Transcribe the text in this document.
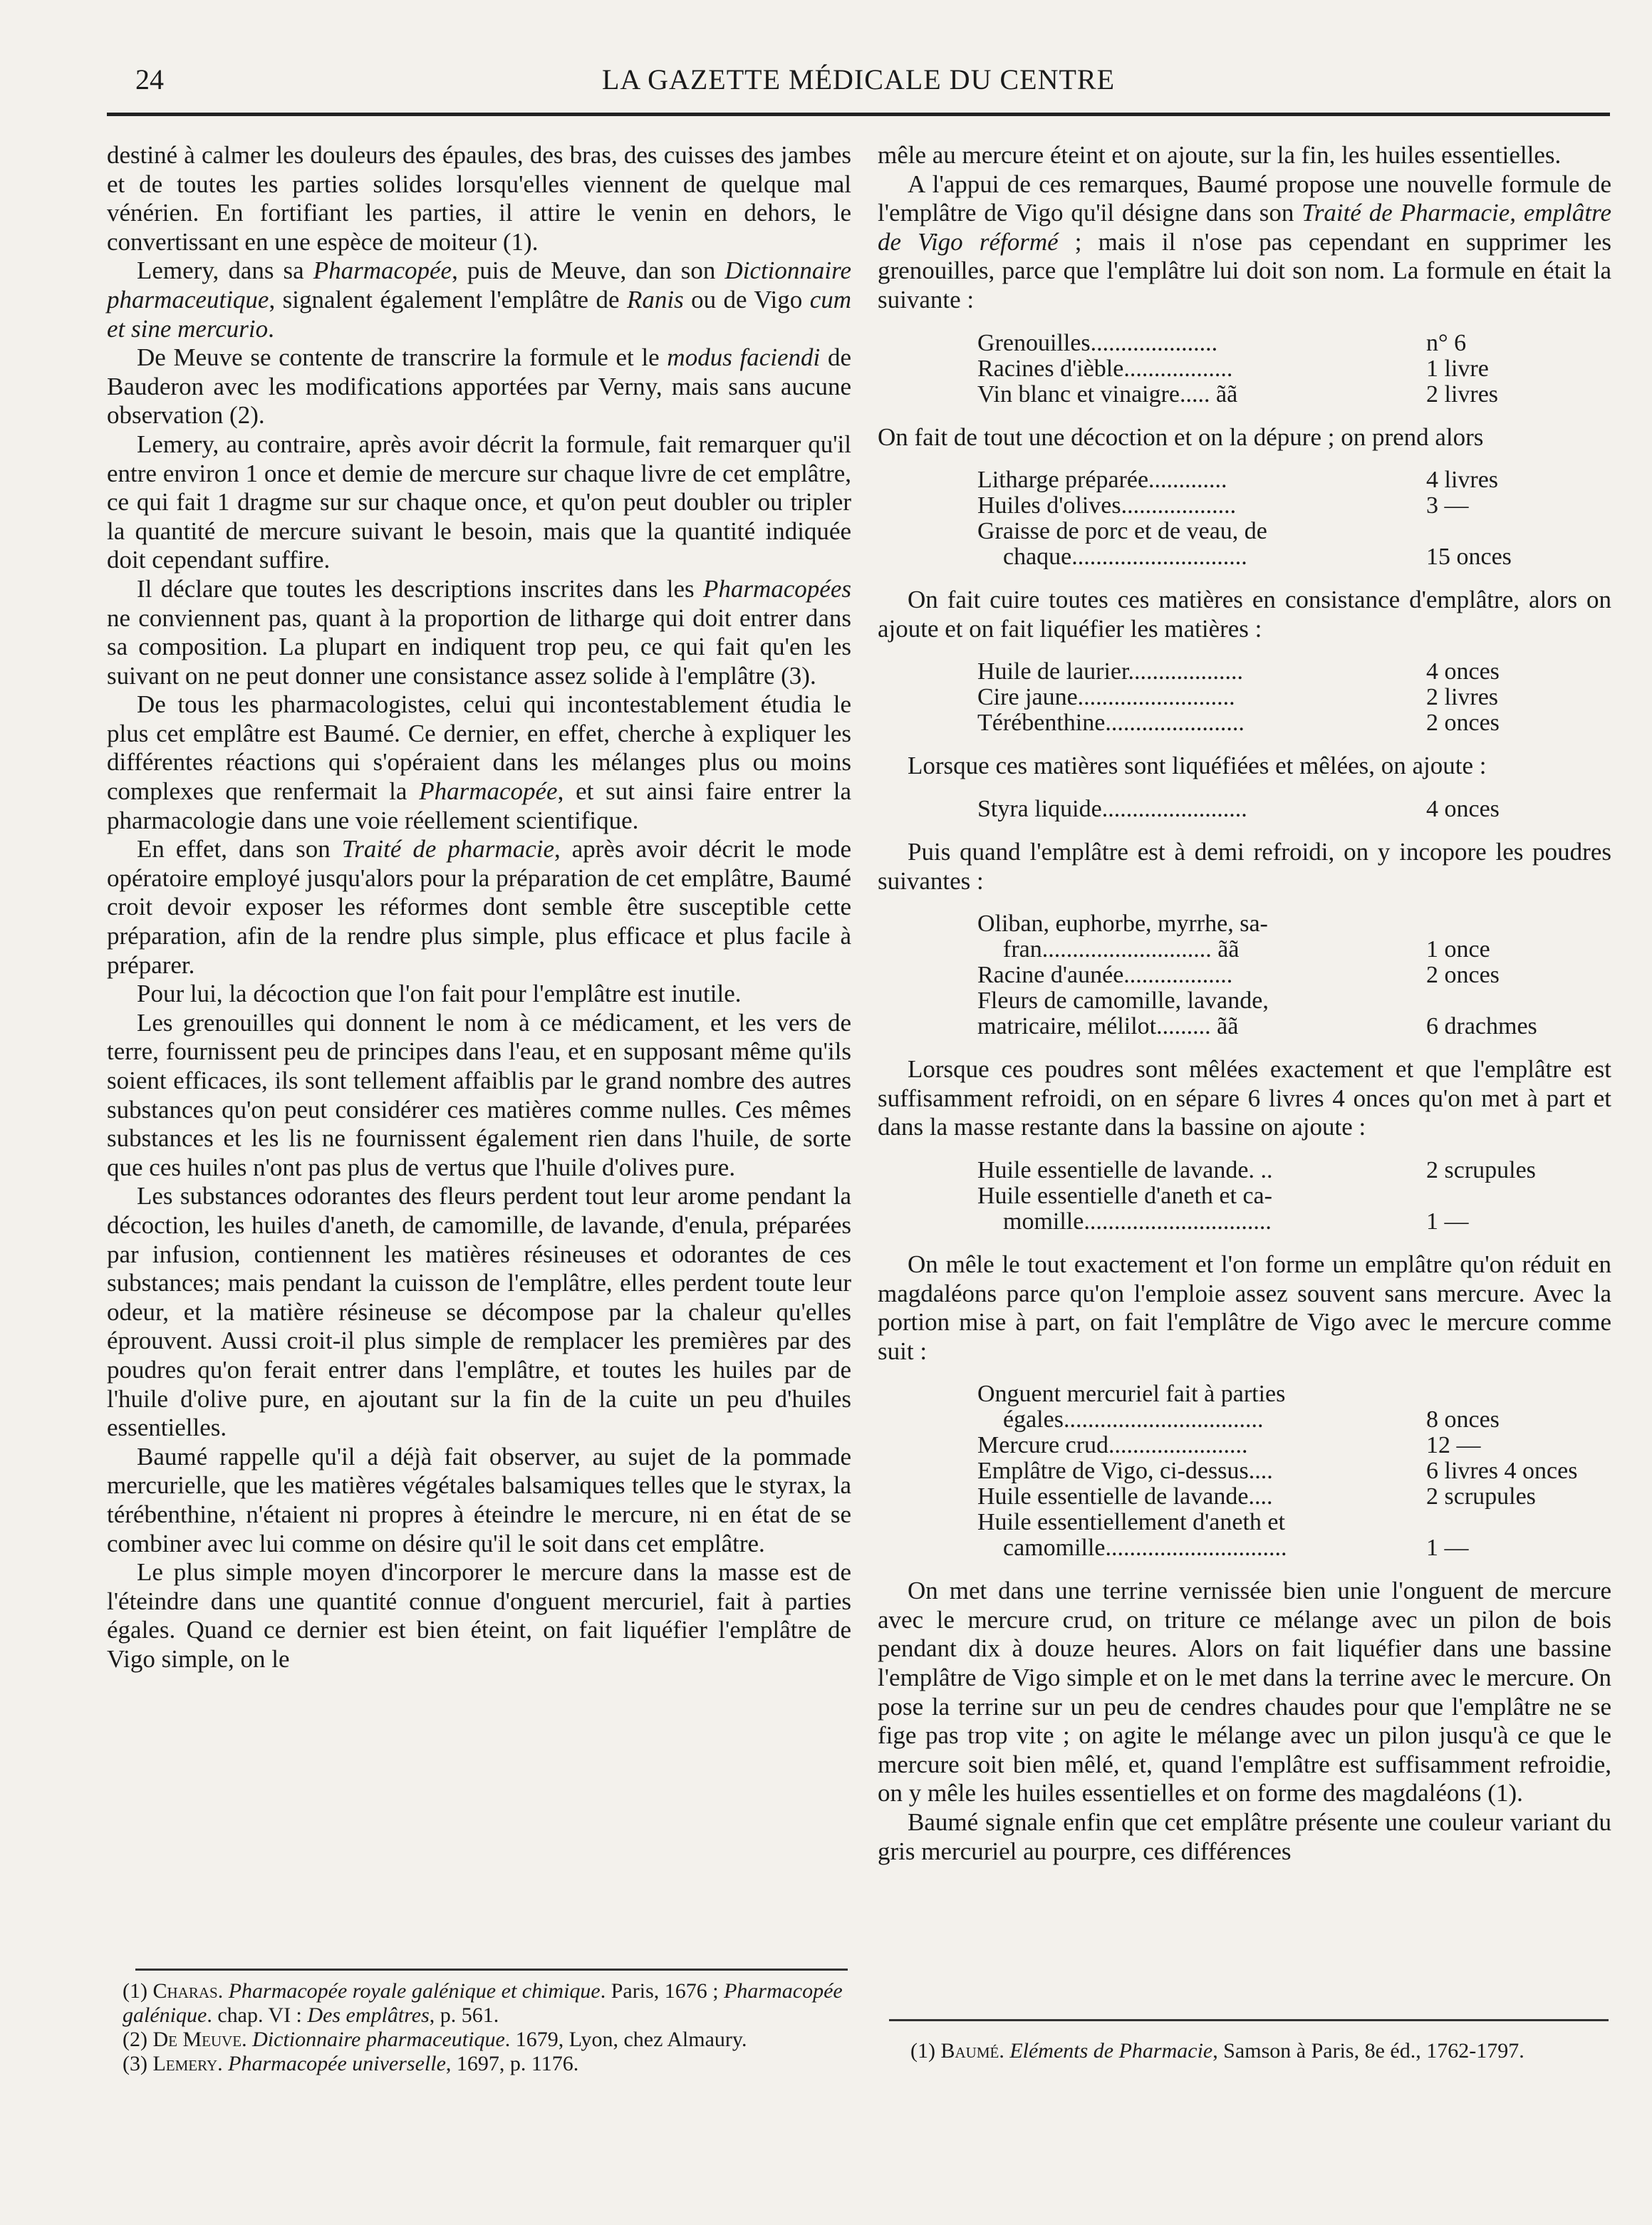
24	LA GAZETTE MÉDICALE DU CENTRE

destiné à calmer les douleurs des épaules, des bras, des cuisses des jambes et de toutes les parties solides lorsqu'elles viennent de quelque mal vénérien. En fortifiant les parties, il attire le venin en dehors, le convertissant en une espèce de moiteur (1).

Lemery, dans sa Pharmacopée, puis de Meuve, dan son Dictionnaire pharmaceutique, signalent également l'emplâtre de Ranis ou de Vigo cum et sine mercurio.

De Meuve se contente de transcrire la formule et le modus faciendi de Bauderon avec les modifications apportées par Verny, mais sans aucune observation (2).

Lemery, au contraire, après avoir décrit la formule, fait remarquer qu'il entre environ 1 once et demie de mercure sur chaque livre de cet emplâtre, ce qui fait 1 dragme sur sur chaque once, et qu'on peut doubler ou tripler la quantité de mercure suivant le besoin, mais que la quantité indiquée doit cependant suffire.

Il déclare que toutes les descriptions inscrites dans les Pharmacopées ne conviennent pas, quant à la proportion de litharge qui doit entrer dans sa composition. La plupart en indiquent trop peu, ce qui fait qu'en les suivant on ne peut donner une consistance assez solide à l'emplâtre (3).

De tous les pharmacologistes, celui qui incontestablement étudia le plus cet emplâtre est Baumé. Ce dernier, en effet, cherche à expliquer les différentes réactions qui s'opéraient dans les mélanges plus ou moins complexes que renfermait la Pharmacopée, et sut ainsi faire entrer la pharmacologie dans une voie réellement scientifique.

En effet, dans son Traité de pharmacie, après avoir décrit le mode opératoire employé jusqu'alors pour la préparation de cet emplâtre, Baumé croit devoir exposer les réformes dont semble être susceptible cette préparation, afin de la rendre plus simple, plus efficace et plus facile à préparer.

Pour lui, la décoction que l'on fait pour l'emplâtre est inutile.

Les grenouilles qui donnent le nom à ce médicament, et les vers de terre, fournissent peu de principes dans l'eau, et en supposant même qu'ils soient efficaces, ils sont tellement affaiblis par le grand nombre des autres substances qu'on peut considérer ces matières comme nulles. Ces mêmes substances et les lis ne fournissent également rien dans l'huile, de sorte que ces huiles n'ont pas plus de vertus que l'huile d'olives pure.

Les substances odorantes des fleurs perdent tout leur arome pendant la décoction, les huiles d'aneth, de camomille, de lavande, d'enula, préparées par infusion, contiennent les matières résineuses et odorantes de ces substances; mais pendant la cuisson de l'emplâtre, elles perdent toute leur odeur, et la matière résineuse se décompose par la chaleur qu'elles éprouvent. Aussi croit-il plus simple de remplacer les premières par des poudres qu'on ferait entrer dans l'emplâtre, et toutes les huiles par de l'huile d'olive pure, en ajoutant sur la fin de la cuite un peu d'huiles essentielles.

Baumé rappelle qu'il a déjà fait observer, au sujet de la pommade mercurielle, que les matières végétales balsamiques telles que le styrax, la térébenthine, n'étaient ni propres à éteindre le mercure, ni en état de se combiner avec lui comme on désire qu'il le soit dans cet emplâtre.

Le plus simple moyen d'incorporer le mercure dans la masse est de l'éteindre dans une quantité connue d'onguent mercuriel, fait à parties égales. Quand ce dernier est bien éteint, on fait liquéfier l'emplâtre de Vigo simple, on le

(1) Charas. Pharmacopée royale galénique et chimique. Paris, 1676 ; Pharmacopée galénique. chap. VI : Des emplâtres, p. 561.
(2) De Meuve. Dictionnaire pharmaceutique. 1679, Lyon, chez Almaury.
(3) Lemery. Pharmacopée universelle, 1697, p. 1176.

mêle au mercure éteint et on ajoute, sur la fin, les huiles essentielles.

A l'appui de ces remarques, Baumé propose une nouvelle formule de l'emplâtre de Vigo qu'il désigne dans son Traité de Pharmacie, emplâtre de Vigo réformé ; mais il n'ose pas cependant en supprimer les grenouilles, parce que l'emplâtre lui doit son nom. La formule en était la suivante :

Grenouilles.....................	n° 6
Racines d'ièble..................	1 livre
Vin blanc et vinaigre..... ãã	2 livres

On fait de tout une décoction et on la dépure ; on prend alors

Litharge préparée.............	4 livres
Huiles d'olives...................	3 —
Graisse de porc et de veau, de
chaque.............................	15 onces

On fait cuire toutes ces matières en consistance d'emplâtre, alors on ajoute et on fait liquéfier les matières :

Huile de laurier...................	4 onces
Cire jaune..........................	2 livres
Térébenthine.......................	2 onces

Lorsque ces matières sont liquéfiées et mêlées, on ajoute :

Styra liquide........................	4 onces

Puis quand l'emplâtre est à demi refroidi, on y incopore les poudres suivantes :

Oliban, euphorbe, myrrhe, sa-
fran............................ ãã	1 once
Racine d'aunée..................	2 onces
Fleurs de camomille, lavande,
matricaire, mélilot......... ãã	6 drachmes

Lorsque ces poudres sont mêlées exactement et que l'emplâtre est suffisamment refroidi, on en sépare 6 livres 4 onces qu'on met à part et dans la masse restante dans la bassine on ajoute :

Huile essentielle de lavande. ..	2 scrupules
Huile essentielle d'aneth et ca-
momille...............................	1 —

On mêle le tout exactement et l'on forme un emplâtre qu'on réduit en magdaléons parce qu'on l'emploie assez souvent sans mercure. Avec la portion mise à part, on fait l'emplâtre de Vigo avec le mercure comme suit :

Onguent mercuriel fait à parties
égales.................................	8 onces
Mercure crud.......................	12 —
Emplâtre de Vigo, ci-dessus....	6 livres 4 onces
Huile essentielle de lavande....	2 scrupules
Huile essentiellement d'aneth et
camomille..............................	1 —

On met dans une terrine vernissée bien unie l'onguent de mercure avec le mercure crud, on triture ce mélange avec un pilon de bois pendant dix à douze heures. Alors on fait liquéfier dans une bassine l'emplâtre de Vigo simple et on le met dans la terrine avec le mercure. On pose la terrine sur un peu de cendres chaudes pour que l'emplâtre ne se fige pas trop vite ; on agite le mélange avec un pilon jusqu'à ce que le mercure soit bien mêlé, et, quand l'emplâtre est suffisamment refroidie, on y mêle les huiles essentielles et on forme des magdaléons (1).

Baumé signale enfin que cet emplâtre présente une couleur variant du gris mercuriel au pourpre, ces différences

(1) Baumé. Eléments de Pharmacie, Samson à Paris, 8e éd., 1762-1797.
